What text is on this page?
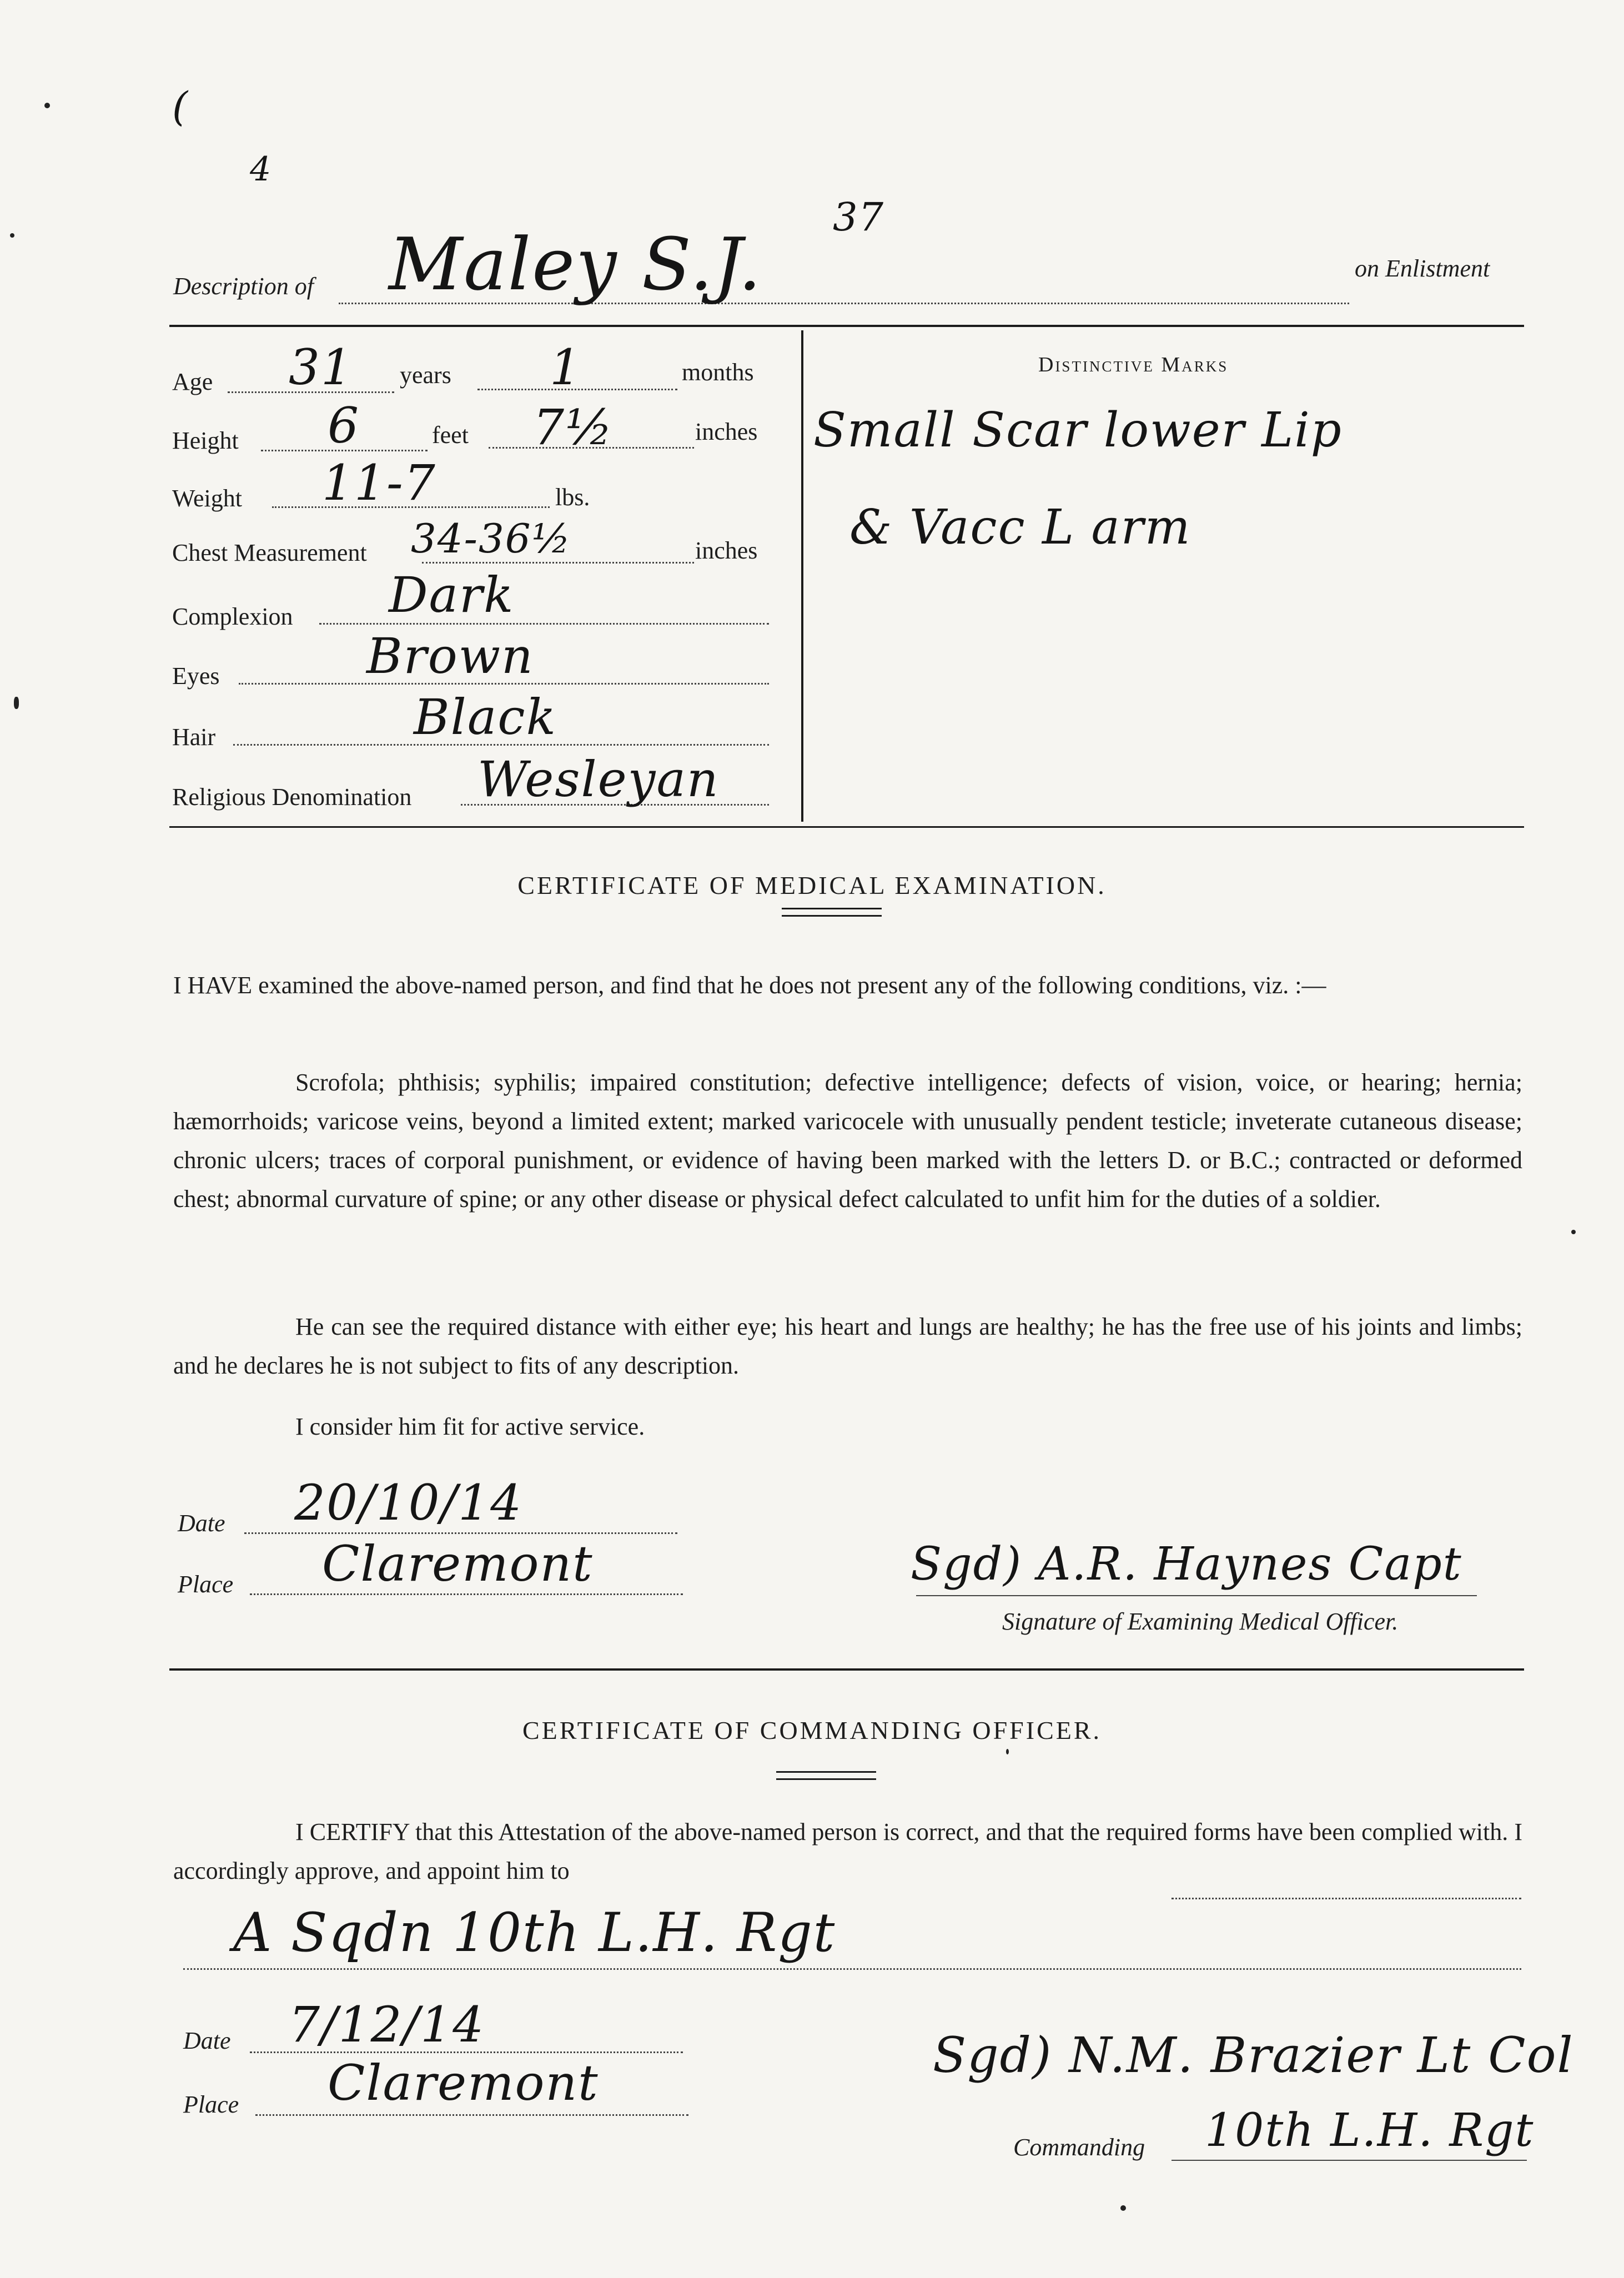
(
4
Description of Maley S.J.
37
on Enlistment
Age 31 years 1	months
Height 6	feet 7½	inches
Weight 11-7	lbs.
Chest Measurement 34-36½	inches
Complexion Dark
Eyes	Brown
Hair	Black
Religious Denomination Wesleyan
Distinctive Marks
Small Scar lower Lip
& Vacc L arm
CERTIFICATE OF MEDICAL EXAMINATION.
I HAVE examined the above-named person, and find that he does not present any of the following conditions, viz. :—
Scrofola; phthisis; syphilis; impaired constitution; defective intelligence; defects of vision, voice, or hearing; hernia; hæmorrhoids; varicose veins, beyond a limited extent; marked varicocele with unusually pendent testicle; inveterate cutaneous disease; chronic ulcers; traces of corporal punishment, or evidence of having been marked with the letters D. or B.C.; contracted or deformed chest; abnormal curvature of spine; or any other disease or physical defect calculated to unfit him for the duties of a soldier.
He can see the required distance with either eye; his heart and lungs are healthy; he has the free use of his joints and limbs; and he declares he is not subject to fits of any description.
I consider him fit for active service.
Date 20/10/14
Place Claremont	Sgd) A.R. Haynes Capt
Signature of Examining Medical Officer.
CERTIFICATE OF COMMANDING OFFICER.
I CERTIFY that this Attestation of the above-named person is correct, and that the required forms have been complied with. I accordingly approve, and appoint him to
A Sqdn 10th L.H. Rgt
Date 7/12/14
Place Claremont	Sgd) N.M. Brazier Lt Col
Commanding 10th L.H. Rgt
